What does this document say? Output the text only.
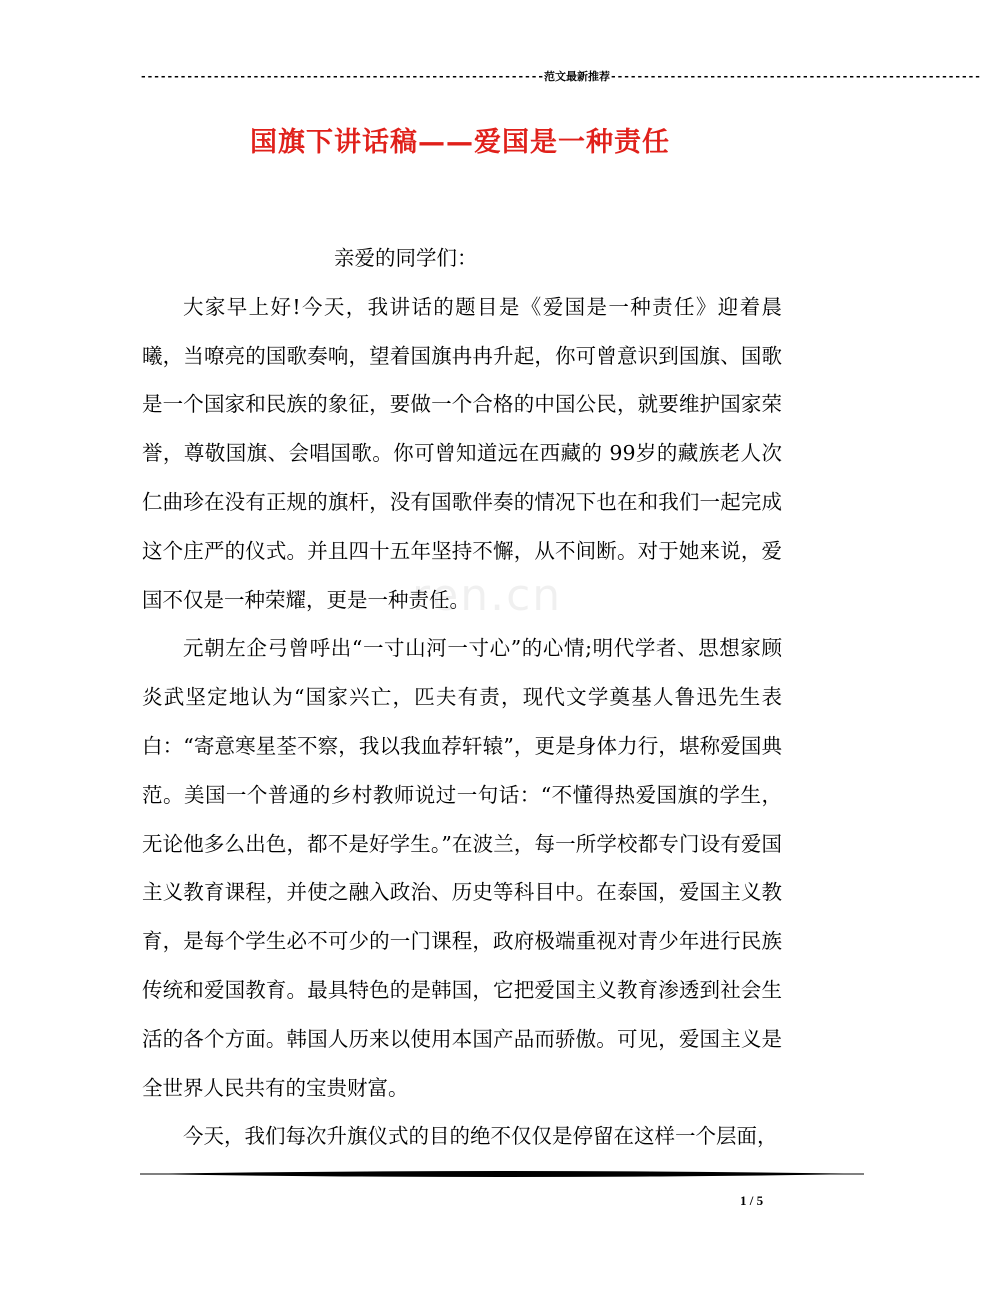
-------------------------------------------------------------范文最新推荐--------------------------------------------------------
国旗下讲话稿——爱国是一种责任
ren.cn

亲爱的同学们：

大家早上好!今天，我讲话的题目是《爱国是一种责任》迎着晨曦，当嘹亮的国歌奏响，望着国旗冉冉升起，你可曾意识到国旗、国歌是一个国家和民族的象征，要做一个合格的中国公民，就要维护国家荣誉，尊敬国旗、会唱国歌。你可曾知道远在西藏的 99岁的藏族老人次仁曲珍在没有正规的旗杆，没有国歌伴奏的情况下也在和我们一起完成这个庄严的仪式。并且四十五年坚持不懈，从不间断。对于她来说，爱国不仅是一种荣耀，更是一种责任。

元朝左企弓曾呼出“一寸山河一寸心”的心情;明代学者、思想家顾炎武坚定地认为“国家兴亡，匹夫有责，现代文学奠基人鲁迅先生表白：“寄意寒星荃不察，我以我血荐轩辕”，更是身体力行，堪称爱国典范。美国一个普通的乡村教师说过一句话：“不懂得热爱国旗的学生，无论他多么出色，都不是好学生。”在波兰，每一所学校都专门设有爱国主义教育课程，并使之融入政治、历史等科目中。在泰国，爱国主义教育，是每个学生必不可少的一门课程，政府极端重视对青少年进行民族传统和爱国教育。最具特色的是韩国，它把爱国主义教育渗透到社会生活的各个方面。韩国人历来以使用本国产品而骄傲。可见，爱国主义是全世界人民共有的宝贵财富。

今天，我们每次升旗仪式的目的绝不仅仅是停留在这样一个层面，

1 / 5
